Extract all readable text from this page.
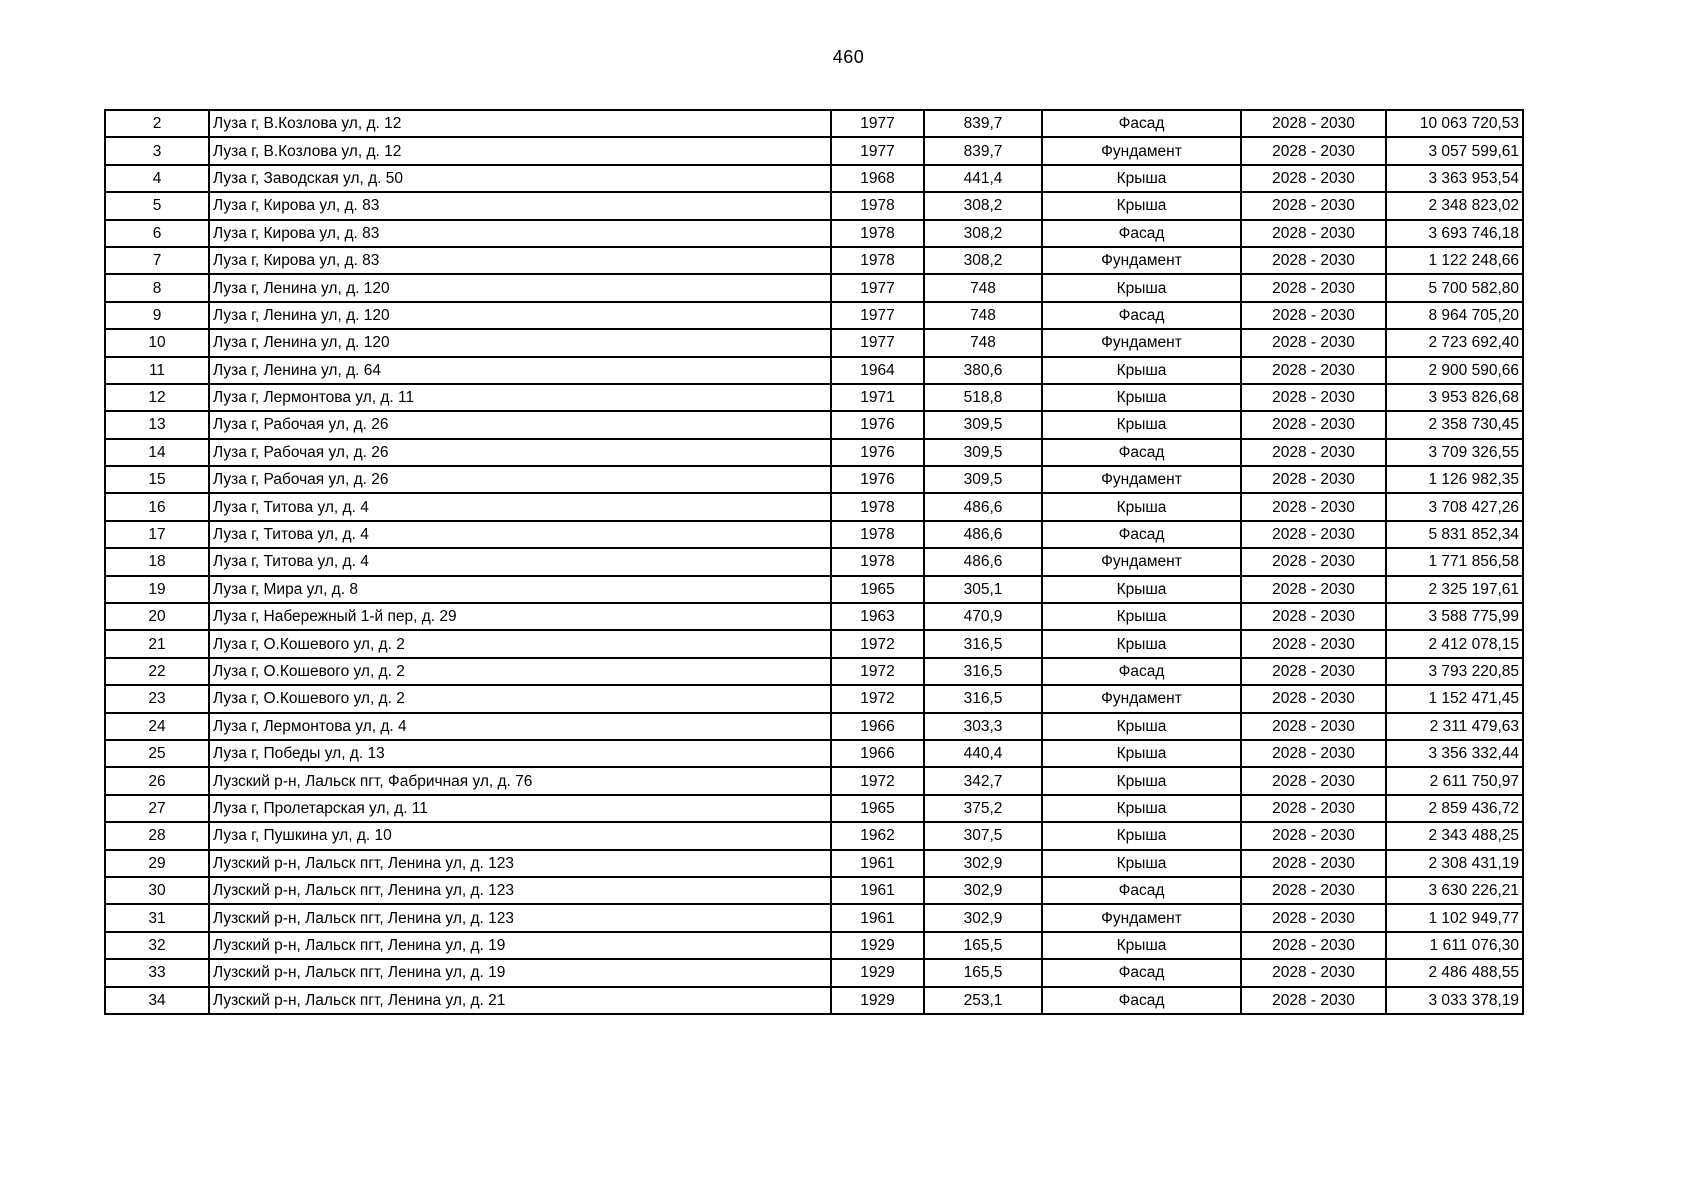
460
2	Луза г, В.Козлова ул, д. 12	1977	839,7	Фасад	2028 - 2030	10 063 720,53
3	Луза г, В.Козлова ул, д. 12	1977	839,7	Фундамент	2028 - 2030	3 057 599,61
4	Луза г, Заводская ул, д. 50	1968	441,4	Крыша	2028 - 2030	3 363 953,54
5	Луза г, Кирова ул, д. 83	1978	308,2	Крыша	2028 - 2030	2 348 823,02
6	Луза г, Кирова ул, д. 83	1978	308,2	Фасад	2028 - 2030	3 693 746,18
7	Луза г, Кирова ул, д. 83	1978	308,2	Фундамент	2028 - 2030	1 122 248,66
8	Луза г, Ленина ул, д. 120	1977	748	Крыша	2028 - 2030	5 700 582,80
9	Луза г, Ленина ул, д. 120	1977	748	Фасад	2028 - 2030	8 964 705,20
10	Луза г, Ленина ул, д. 120	1977	748	Фундамент	2028 - 2030	2 723 692,40
11	Луза г, Ленина ул, д. 64	1964	380,6	Крыша	2028 - 2030	2 900 590,66
12	Луза г, Лермонтова ул, д. 11	1971	518,8	Крыша	2028 - 2030	3 953 826,68
13	Луза г, Рабочая ул, д. 26	1976	309,5	Крыша	2028 - 2030	2 358 730,45
14	Луза г, Рабочая ул, д. 26	1976	309,5	Фасад	2028 - 2030	3 709 326,55
15	Луза г, Рабочая ул, д. 26	1976	309,5	Фундамент	2028 - 2030	1 126 982,35
16	Луза г, Титова ул, д. 4	1978	486,6	Крыша	2028 - 2030	3 708 427,26
17	Луза г, Титова ул, д. 4	1978	486,6	Фасад	2028 - 2030	5 831 852,34
18	Луза г, Титова ул, д. 4	1978	486,6	Фундамент	2028 - 2030	1 771 856,58
19	Луза г, Мира ул, д. 8	1965	305,1	Крыша	2028 - 2030	2 325 197,61
20	Луза г, Набережный 1-й пер, д. 29	1963	470,9	Крыша	2028 - 2030	3 588 775,99
21	Луза г, О.Кошевого ул, д. 2	1972	316,5	Крыша	2028 - 2030	2 412 078,15
22	Луза г, О.Кошевого ул, д. 2	1972	316,5	Фасад	2028 - 2030	3 793 220,85
23	Луза г, О.Кошевого ул, д. 2	1972	316,5	Фундамент	2028 - 2030	1 152 471,45
24	Луза г, Лермонтова ул, д. 4	1966	303,3	Крыша	2028 - 2030	2 311 479,63
25	Луза г, Победы ул, д. 13	1966	440,4	Крыша	2028 - 2030	3 356 332,44
26	Лузский р-н, Лальск пгт, Фабричная ул, д. 76	1972	342,7	Крыша	2028 - 2030	2 611 750,97
27	Луза г, Пролетарская ул, д. 11	1965	375,2	Крыша	2028 - 2030	2 859 436,72
28	Луза г, Пушкина ул, д. 10	1962	307,5	Крыша	2028 - 2030	2 343 488,25
29	Лузский р-н, Лальск пгт, Ленина ул, д. 123	1961	302,9	Крыша	2028 - 2030	2 308 431,19
30	Лузский р-н, Лальск пгт, Ленина ул, д. 123	1961	302,9	Фасад	2028 - 2030	3 630 226,21
31	Лузский р-н, Лальск пгт, Ленина ул, д. 123	1961	302,9	Фундамент	2028 - 2030	1 102 949,77
32	Лузский р-н, Лальск пгт, Ленина ул, д. 19	1929	165,5	Крыша	2028 - 2030	1 611 076,30
33	Лузский р-н, Лальск пгт, Ленина ул, д. 19	1929	165,5	Фасад	2028 - 2030	2 486 488,55
34	Лузский р-н, Лальск пгт, Ленина ул, д. 21	1929	253,1	Фасад	2028 - 2030	3 033 378,19
